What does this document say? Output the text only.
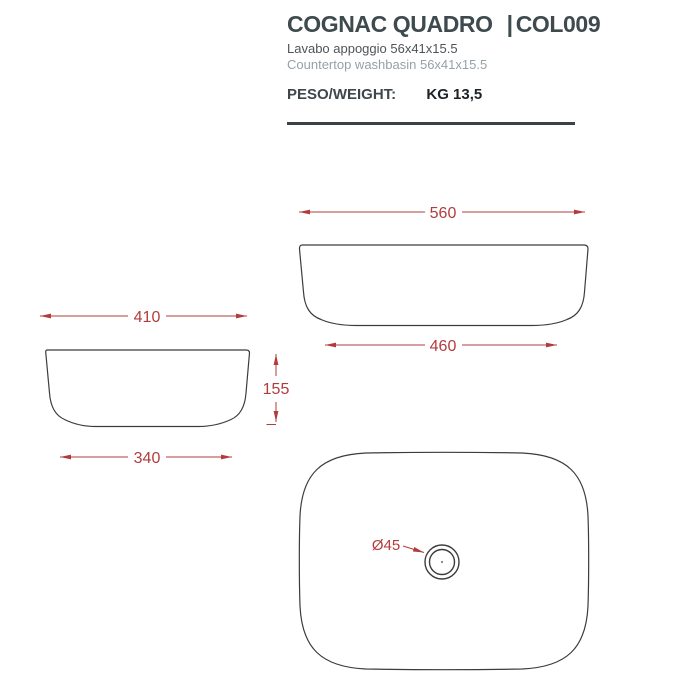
COGNAC QUADRO | COL009
Lavabo appoggio 56x41x15.5
Countertop washbasin 56x41x15.5
PESO/WEIGHT: KG 13,5
560
460
410
155
340
Ø45
